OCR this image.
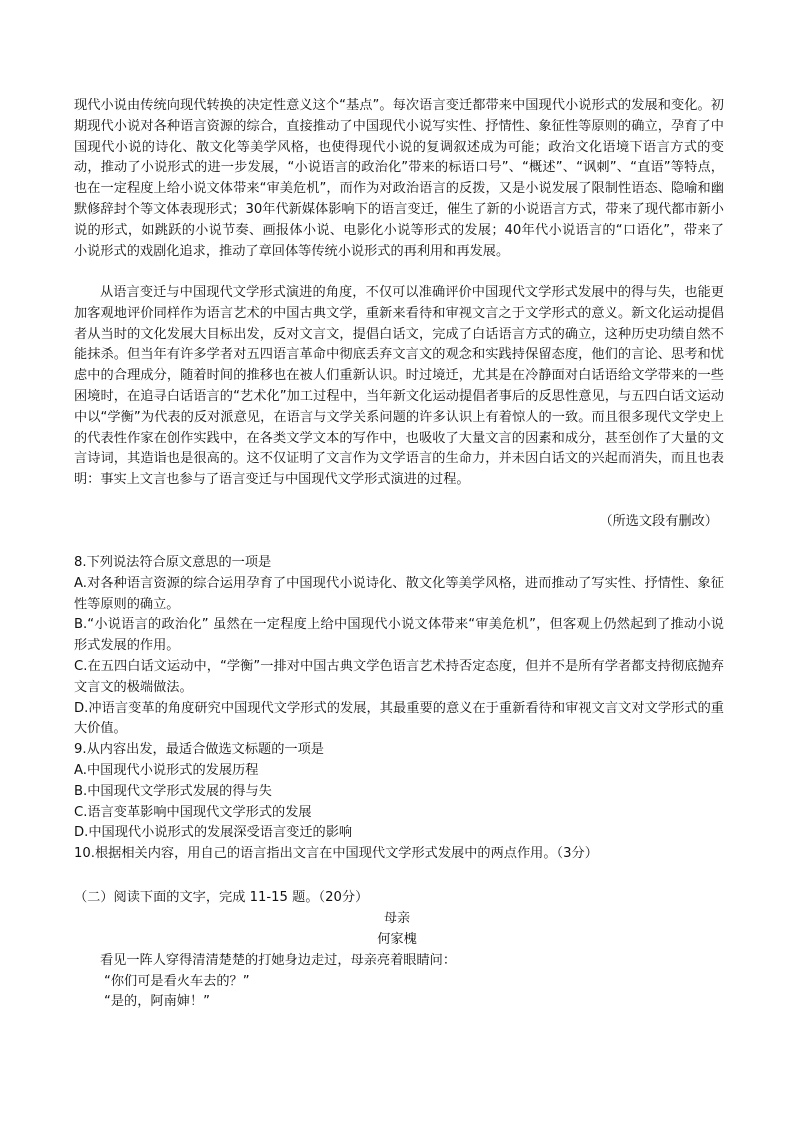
现代小说由传统向现代转换的决定性意义这个“基点”。每次语言变迁都带来中国现代小说形式的发展和变化。初期现代小说对各种语言资源的综合，直接推动了中国现代小说写实性、抒情性、象征性等原则的确立，孕育了中国现代小说的诗化、散文化等美学风格，也使得现代小说的复调叙述成为可能；政治文化语境下语言方式的变动，推动了小说形式的进一步发展，“小说语言的政治化”带来的标语口号”、“概述”、“讽刺”、“直语”等特点，也在一定程度上给小说文体带来“审美危机”，而作为对政治语言的反拨，又是小说发展了限制性语态、隐喻和幽默修辞封个等文体表现形式；30年代新媒体影响下的语言变迁，催生了新的小说语言方式，带来了现代都市新小说的形式，如跳跃的小说节奏、画报体小说、电影化小说等形式的发展；40年代小说语言的“口语化”，带来了小说形式的戏剧化追求，推动了章回体等传统小说形式的再利用和再发展。

从语言变迁与中国现代文学形式演进的角度，不仅可以准确评价中国现代文学形式发展中的得与失，也能更加客观地评价同样作为语言艺术的中国古典文学，重新来看待和审视文言之于文学形式的意义。新文化运动提倡者从当时的文化发展大目标出发，反对文言文，提倡白话文，完成了白话语言方式的确立，这种历史功绩自然不能抹杀。但当年有许多学者对五四语言革命中彻底丢弃文言文的观念和实践持保留态度，他们的言论、思考和忧虑中的合理成分，随着时间的推移也在被人们重新认识。时过境迁，尤其是在冷静面对白话语给文学带来的一些困境时，在追寻白话语言的“艺术化”加工过程中，当年新文化运动提倡者事后的反思性意见，与五四白话文运动中以“学衡”为代表的反对派意见，在语言与文学关系问题的许多认识上有着惊人的一致。而且很多现代文学史上的代表性作家在创作实践中，在各类文学文本的写作中，也吸收了大量文言的因素和成分，甚至创作了大量的文言诗词，其造诣也是很高的。这不仅证明了文言作为文学语言的生命力，并未因白话文的兴起而消失，而且也表明：事实上文言也参与了语言变迁与中国现代文学形式演进的过程。

（所选文段有删改）
8.下列说法符合原文意思的一项是
A.对各种语言资源的综合运用孕育了中国现代小说诗化、散文化等美学风格，进而推动了写实性、抒情性、象征性等原则的确立。
B.“小说语言的政治化” 虽然在一定程度上给中国现代小说文体带来“审美危机”，但客观上仍然起到了推动小说形式发展的作用。
C.在五四白话文运动中，“学衡”一排对中国古典文学色语言艺术持否定态度，但并不是所有学者都支持彻底抛弃文言文的极端做法。
D.冲语言变革的角度研究中国现代文学形式的发展，其最重要的意义在于重新看待和审视文言文对文学形式的重大价值。
9.从内容出发，最适合做选文标题的一项是
A.中国现代小说形式的发展历程
B.中国现代文学形式发展的得与失
C.语言变革影响中国现代文学形式的发展
D.中国现代小说形式的发展深受语言变迁的影响
10.根据相关内容，用自己的语言指出文言在中国现代文学形式发展中的两点作用。（3分）
（二）阅读下面的文字，完成 11-15 题。（20分）
母亲
何家槐
看见一阵人穿得清清楚楚的打她身边走过，母亲亮着眼睛问：
“你们可是看火车去的？”
“是的，阿南婶！”
